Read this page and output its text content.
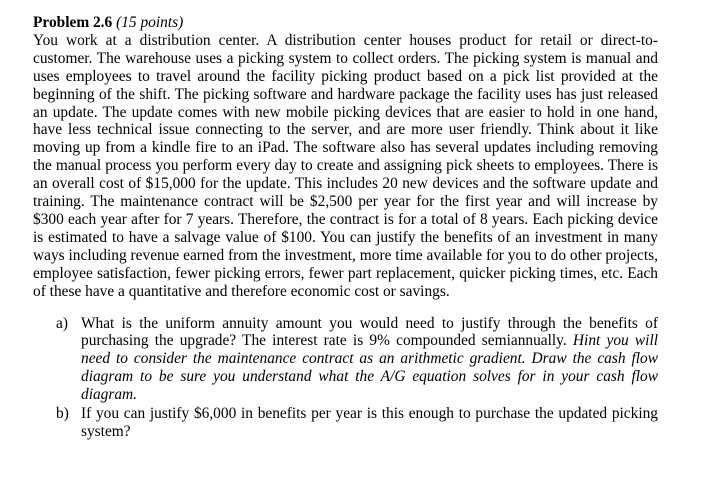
Problem 2.6 (15 points)

You work at a distribution center. A distribution center houses product for retail or direct-to-customer. The warehouse uses a picking system to collect orders. The picking system is manual and uses employees to travel around the facility picking product based on a pick list provided at the beginning of the shift. The picking software and hardware package the facility uses has just released an update. The update comes with new mobile picking devices that are easier to hold in one hand, have less technical issue connecting to the server, and are more user friendly. Think about it like moving up from a kindle fire to an iPad. The software also has several updates including removing the manual process you perform every day to create and assigning pick sheets to employees. There is an overall cost of $15,000 for the update. This includes 20 new devices and the software update and training. The maintenance contract will be $2,500 per year for the first year and will increase by $300 each year after for 7 years. Therefore, the contract is for a total of 8 years. Each picking device is estimated to have a salvage value of $100. You can justify the benefits of an investment in many ways including revenue earned from the investment, more time available for you to do other projects, employee satisfaction, fewer picking errors, fewer part replacement, quicker picking times, etc. Each of these have a quantitative and therefore economic cost or savings.

a) What is the uniform annuity amount you would need to justify through the benefits of purchasing the upgrade? The interest rate is 9% compounded semiannually. Hint you will need to consider the maintenance contract as an arithmetic gradient. Draw the cash flow diagram to be sure you understand what the A/G equation solves for in your cash flow diagram.
b) If you can justify $6,000 in benefits per year is this enough to purchase the updated picking system?
